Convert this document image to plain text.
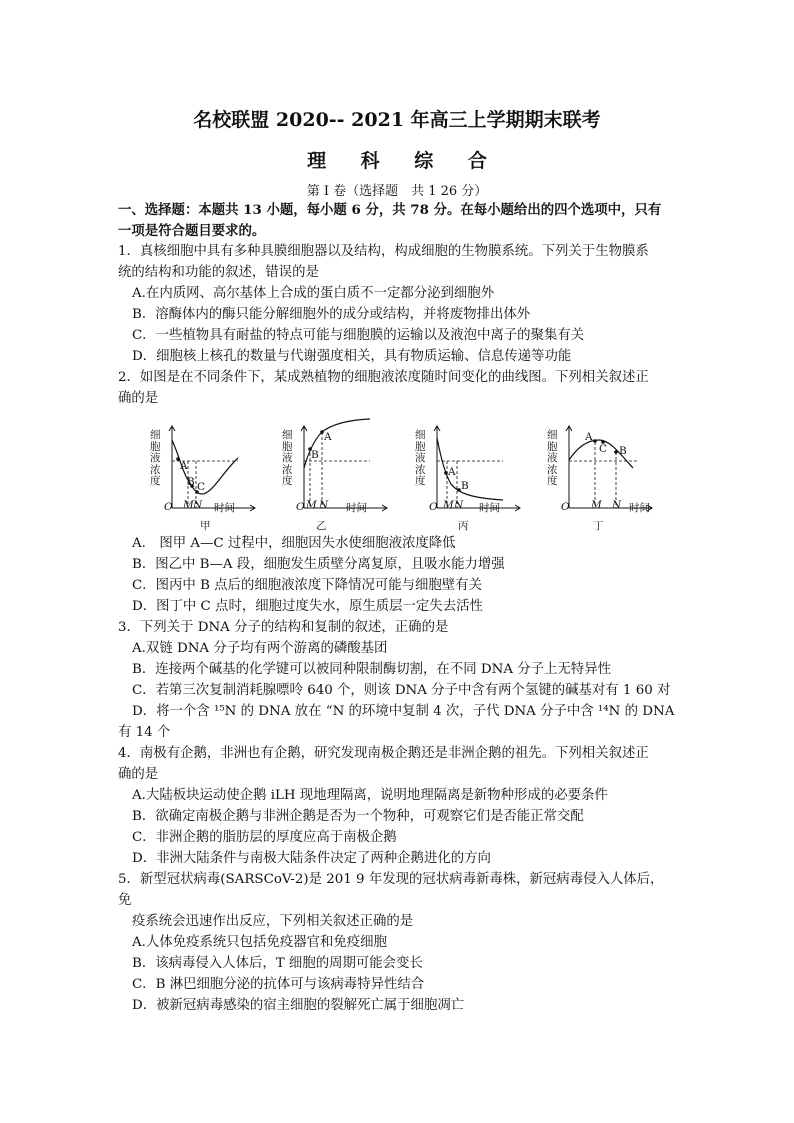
名校联盟 2020-- 2021 年高三上学期期末联考
理 科 综 合
第 I 卷（选择题　共 1 26 分）
一、选择题：本题共 13 小题，每小题 6 分，共 78 分。在每小题给出的四个选项中，只有
一项是符合题目要求的。
1．真核细胞中具有多种具膜细胞器以及结构，构成细胞的生物膜系统。下列关于生物膜系
统的结构和功能的叙述，错误的是
A.在内质网、高尔基体上合成的蛋白质不一定都分泌到细胞外
B．溶酶体内的酶只能分解细胞外的成分或结构，并将废物排出体外
C．一些植物具有耐盐的特点可能与细胞膜的运输以及液泡中离子的聚集有关
D．细胞核上核孔的数量与代谢强度相关，具有物质运输、信息传递等功能
2．如图是在不同条件下，某成熟植物的细胞液浓度随时间变化的曲线图。下列相关叙述正
确的是
细胞液浓度
A
B C
O M N 时间
甲
细胞液浓度
A
B
O M N 时间
乙
细胞液浓度
A
B
O M N 时间
丙
细胞液浓度
A
C B
O M N 时间
丁
A.　图甲 A—C 过程中，细胞因失水使细胞液浓度降低
B．图乙中 B—A 段，细胞发生质壁分离复原，且吸水能力增强
C．图丙中 B 点后的细胞液浓度下降情况可能与细胞壁有关
D．图丁中 C 点时，细胞过度失水，原生质层一定失去活性
3．下列关于 DNA 分子的结构和复制的叙述，正确的是
A.双链 DNA 分子均有两个游离的磷酸基团
B．连接两个碱基的化学键可以被同种限制酶切割，在不同 DNA 分子上无特异性
C．若第三次复制消耗腺嘌呤 640 个，则该 DNA 分子中含有两个氢键的碱基对有 1 60 对
D．将一个含 ¹⁵N 的 DNA 放在 “N 的环境中复制 4 次，子代 DNA 分子中含 ¹⁴N 的 DNA
有 14 个
4．南极有企鹅，非洲也有企鹅，研究发现南极企鹅还是非洲企鹅的祖先。下列相关叙述正
确的是
A.大陆板块运动使企鹅 iLH 现地理隔离，说明地理隔离是新物种形成的必要条件
B．欲确定南极企鹅与非洲企鹅是否为一个物种，可观察它们是否能正常交配
C．非洲企鹅的脂肪层的厚度应高于南极企鹅
D．非洲大陆条件与南极大陆条件决定了两种企鹅进化的方向
5．新型冠状病毒(SARSCoV-2)是 201 9 年发现的冠状病毒新毒株，新冠病毒侵入人体后，
免
疫系统会迅速作出反应，下列相关叙述正确的是
A.人体免疫系统只包括免疫器官和免疫细胞
B．该病毒侵入人体后，T 细胞的周期可能会变长
C．B 淋巴细胞分泌的抗体可与该病毒特异性结合
D．被新冠病毒感染的宿主细胞的裂解死亡属于细胞凋亡
